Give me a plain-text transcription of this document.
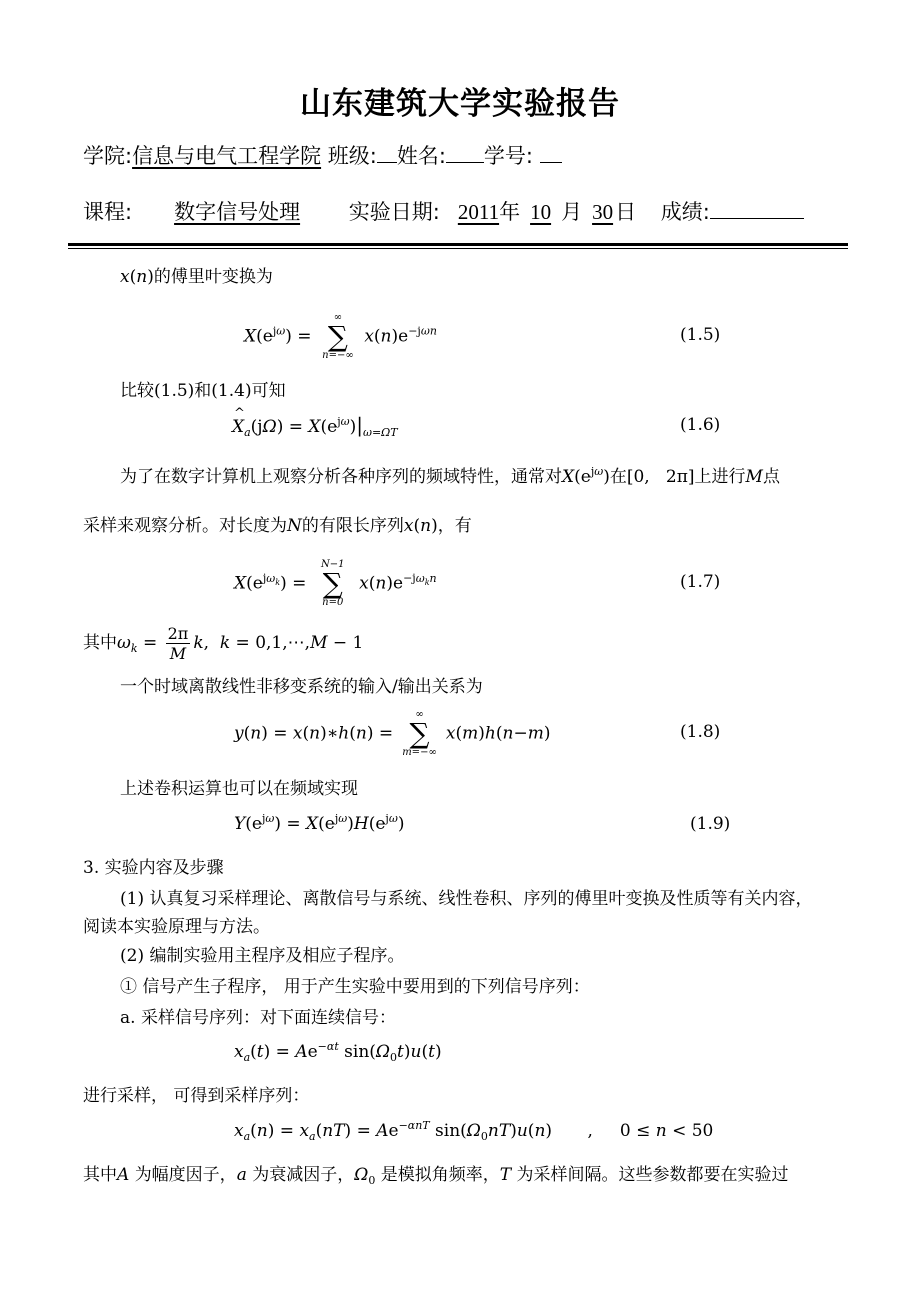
山东建筑大学实验报告
学院:信息与电气工程学院 班级: 姓名: 学号:
课程: 数字信号处理 实验日期: 2011年 10 月 30日 成绩:
x(n)的傅里叶变换为
$X(e^{j\omega})$ =
∞
∑
n=−∞
$x(n)e^{-j\omega n}$	(1.5)
比较(1.5)和(1.4)可知
^
$X_a(j\Omega) = X(e^{j\omega})|_{\omega=\Omega T}$	(1.6)
为了在数字计算机上观察分析各种序列的频域特性，通常对$X(e^{j\omega})$在[0,   2π]上进行M点
采样来观察分析。对长度为N的有限长序列x(n)，有
$X(e^{j\omega_k})$ =
N−1
∑
n=0
$x(n)e^{-j\omega_kn}$	(1.7)
其中$\omega_k = \frac{2\pi}{M} k$,  k = 0,1,⋯,M − 1
一个时域离散线性非移变系统的输入/输出关系为
y(n) = x(n)∗h(n) =
∞
∑
m=−∞
x(m)h(n−m)	(1.8)
上述卷积运算也可以在频域实现
$Y(e^{j\omega}) = X(e^{j\omega})H(e^{j\omega})$	(1.9)
3. 实验内容及步骤
(1) 认真复习采样理论、离散信号与系统、线性卷积、序列的傅里叶变换及性质等有关内容，
阅读本实验原理与方法。
(2) 编制实验用主程序及相应子程序。
① 信号产生子程序， 用于产生实验中要用到的下列信号序列：
a. 采样信号序列：对下面连续信号：
$x_a(t) = Ae^{-\alpha t}$ $\sin(\Omega_0t)u(t)$
进行采样， 可得到采样序列：
$x_a(n) = x_a(nT) = Ae^{-\alpha nT}$ $\sin(\Omega_0nT)u(n)$ ,     0 ≤ n < 50
其中A 为幅度因子，a 为衰减因子，$\Omega_0$ 是模拟角频率，T 为采样间隔。这些参数都要在实验过
